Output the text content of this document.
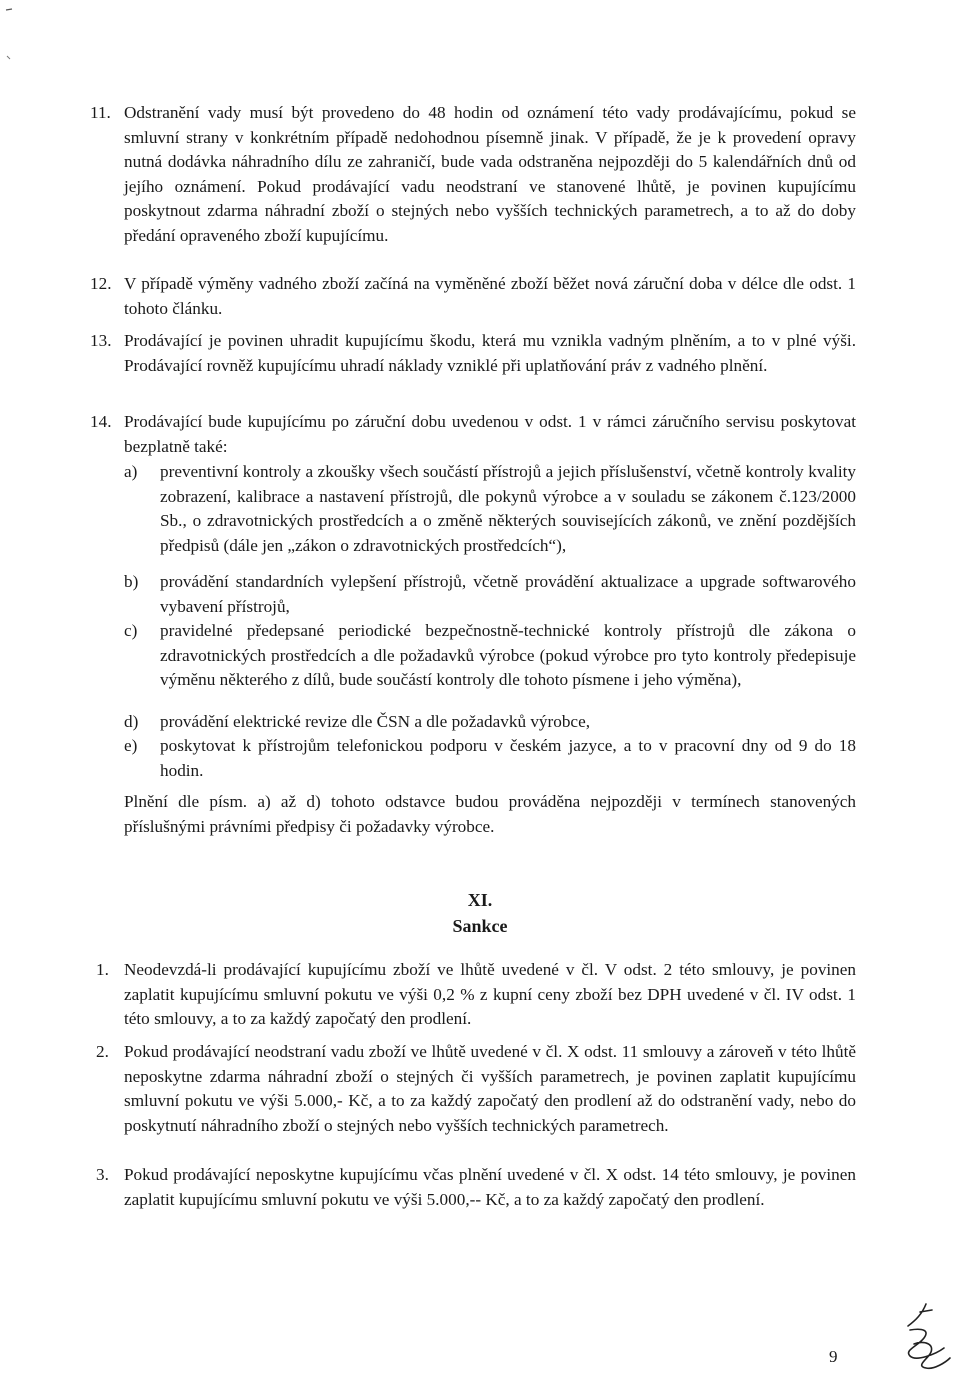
11. Odstranění vady musí být provedeno do 48 hodin od oznámení této vady prodávajícímu, pokud se smluvní strany v konkrétním případě nedohodnou písemně jinak. V případě, že je k provedení opravy nutná dodávka náhradního dílu ze zahraničí, bude vada odstraněna nejpozději do 5 kalendářních dnů od jejího oznámení. Pokud prodávající vadu neodstraní ve stanovené lhůtě, je povinen kupujícímu poskytnout zdarma náhradní zboží o stejných nebo vyšších technických parametrech, a to až do doby předání opraveného zboží kupujícímu.
12. V případě výměny vadného zboží začíná na vyměněné zboží běžet nová záruční doba v délce dle odst. 1 tohoto článku.
13. Prodávající je povinen uhradit kupujícímu škodu, která mu vznikla vadným plněním, a to v plné výši. Prodávající rovněž kupujícímu uhradí náklady vzniklé při uplatňování práv z vadného plnění.
14. Prodávající bude kupujícímu po záruční dobu uvedenou v odst. 1 v rámci záručního servisu poskytovat bezplatně také:
a) preventivní kontroly a zkoušky všech součástí přístrojů a jejich příslušenství, včetně kontroly kvality zobrazení, kalibrace a nastavení přístrojů, dle pokynů výrobce a v souladu se zákonem č.123/2000 Sb., o zdravotnických prostředcích a o změně některých souvisejících zákonů, ve znění pozdějších předpisů (dále jen „zákon o zdravotnických prostředcích“),
b) provádění standardních vylepšení přístrojů, včetně provádění aktualizace a upgrade softwarového vybavení přístrojů,
c) pravidelné předepsané periodické bezpečnostně-technické kontroly přístrojů dle zákona o zdravotnických prostředcích a dle požadavků výrobce (pokud výrobce pro tyto kontroly předepisuje výměnu některého z dílů, bude součástí kontroly dle tohoto písmene i jeho výměna),
d) provádění elektrické revize dle ČSN a dle požadavků výrobce,
e) poskytovat k přístrojům telefonickou podporu v českém jazyce, a to v pracovní dny od 9 do 18 hodin.
Plnění dle písm. a) až d) tohoto odstavce budou prováděna nejpozději v termínech stanovených příslušnými právními předpisy či požadavky výrobce.
XI.
Sankce
1. Neodevzdá-li prodávající kupujícímu zboží ve lhůtě uvedené v čl. V odst. 2 této smlouvy, je povinen zaplatit kupujícímu smluvní pokutu ve výši 0,2 % z kupní ceny zboží bez DPH uvedené v čl. IV odst. 1 této smlouvy, a to za každý započatý den prodlení.
2. Pokud prodávající neodstraní vadu zboží ve lhůtě uvedené v čl. X odst. 11 smlouvy a zároveň v této lhůtě neposkytne zdarma náhradní zboží o stejných či vyšších parametrech, je povinen zaplatit kupujícímu smluvní pokutu ve výši 5.000,- Kč, a to za každý započatý den prodlení až do odstranění vady, nebo do poskytnutí náhradního zboží o stejných nebo vyšších technických parametrech.
3. Pokud prodávající neposkytne kupujícímu včas plnění uvedené v čl. X odst. 14 této smlouvy, je povinen zaplatit kupujícímu smluvní pokutu ve výši 5.000,-- Kč, a to za každý započatý den prodlení.
9
